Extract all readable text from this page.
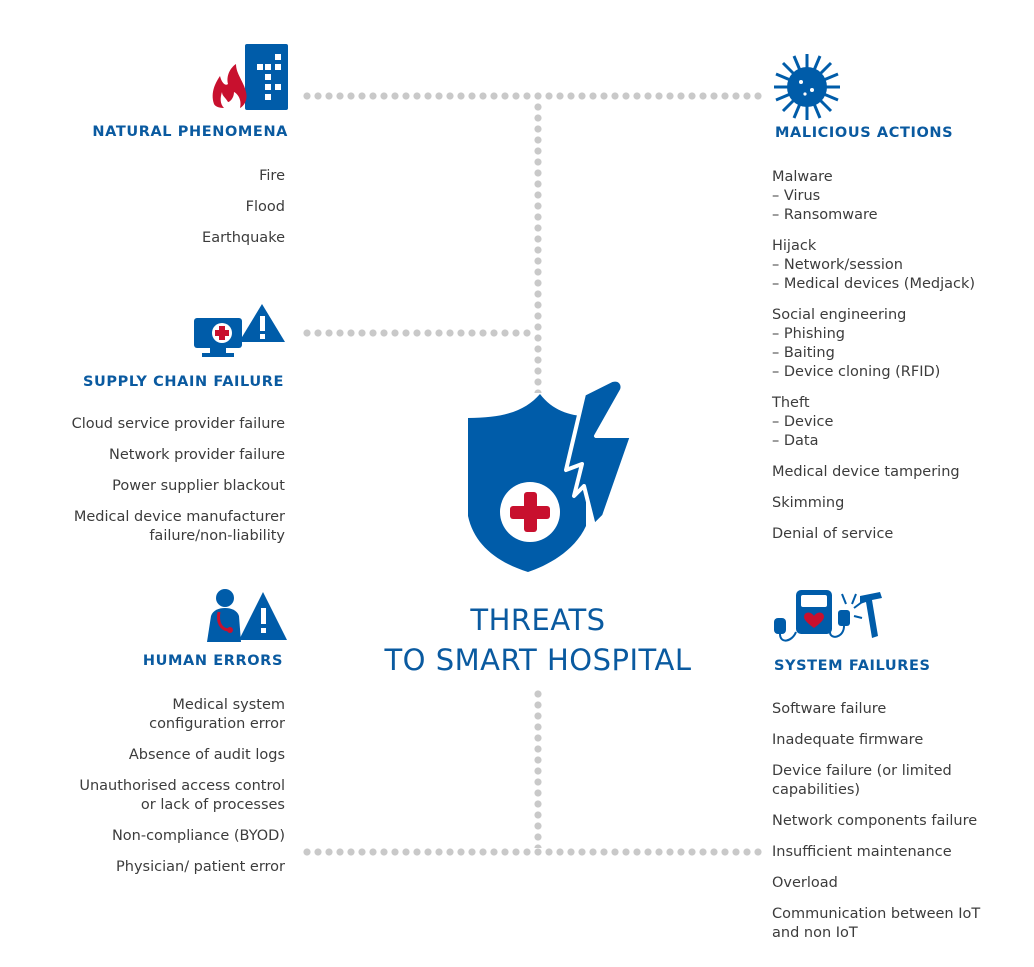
NATURAL PHENOMENA
Fire
Flood
Earthquake
SUPPLY CHAIN FAILURE
Cloud service provider failure
Network provider failure
Power supplier blackout
Medical device manufacturer
failure/non-liability
HUMAN ERRORS
Medical system
configuration error
Absence of audit logs
Unauthorised access control
or lack of processes
Non-compliance (BYOD)
Physician/ patient error
MALICIOUS ACTIONS
Malware
– Virus
– Ransomware
Hijack
– Network/session
– Medical devices (Medjack)
Social engineering
– Phishing
– Baiting
– Device cloning (RFID)
Theft
– Device
– Data
Medical device tampering
Skimming
Denial of service
SYSTEM FAILURES
Software failure
Inadequate firmware
Device failure (or limited
capabilities)
Network components failure
Insufficient maintenance
Overload
Communication between IoT
and non IoT
THREATS
TO SMART HOSPITAL
